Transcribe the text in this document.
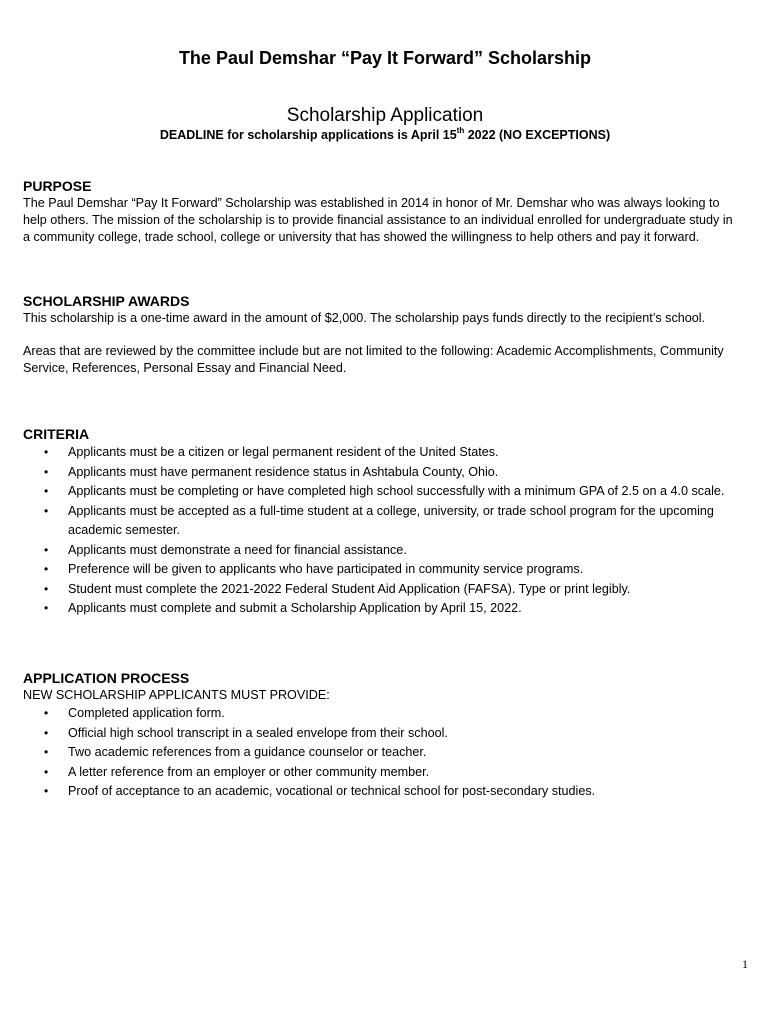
The Paul Demshar “Pay It Forward” Scholarship
Scholarship Application

DEADLINE for scholarship applications is April 15th 2022 (NO EXCEPTIONS)

PURPOSE

The Paul Demshar “Pay It Forward” Scholarship was established in 2014 in honor of Mr. Demshar who was always looking to help others. The mission of the scholarship is to provide financial assistance to an individual enrolled for undergraduate study in a community college, trade school, college or university that has showed the willingness to help others and pay it forward.

SCHOLARSHIP AWARDS

This scholarship is a one-time award in the amount of $2,000. The scholarship pays funds directly to the recipient’s school.

Areas that are reviewed by the committee include but are not limited to the following: Academic Accomplishments, Community Service, References, Personal Essay and Financial Need.

CRITERIA
• Applicants must be a citizen or legal permanent resident of the United States.
• Applicants must have permanent residence status in Ashtabula County, Ohio.
• Applicants must be completing or have completed high school successfully with a minimum GPA of 2.5 on a 4.0 scale.
• Applicants must be accepted as a full-time student at a college, university, or trade school program for the upcoming academic semester.
• Applicants must demonstrate a need for financial assistance.
• Preference will be given to applicants who have participated in community service programs.
• Student must complete the 2021-2022 Federal Student Aid Application (FAFSA). Type or print legibly.
• Applicants must complete and submit a Scholarship Application by April 15, 2022.
APPLICATION PROCESS

NEW SCHOLARSHIP APPLICANTS MUST PROVIDE:

• Completed application form.
• Official high school transcript in a sealed envelope from their school.
• Two academic references from a guidance counselor or teacher.
• A letter reference from an employer or other community member.
• Proof of acceptance to an academic, vocational or technical school for post-secondary studies.
1
